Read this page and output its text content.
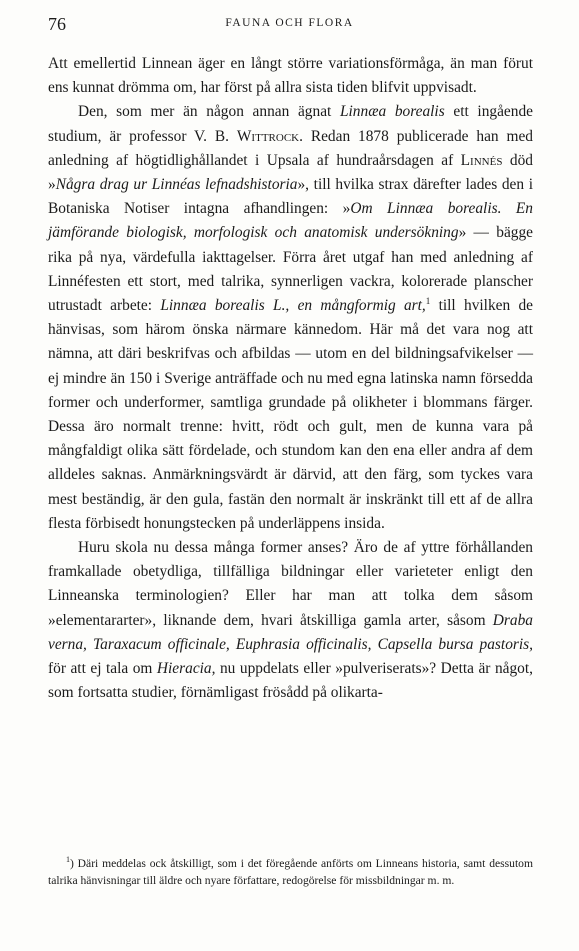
76	FAUNA OCH FLORA

Att emellertid Linnean äger en långt större variationsförmåga, än man förut ens kunnat drömma om, har först på allra sista tiden blifvit uppvisadt.

Den, som mer än någon annan ägnat Linnæa borealis ett ingående studium, är professor V. B. Wittrock. Redan 1878 publicerade han med anledning af högtidlighållandet i Upsala af hundraårsdagen af Linnés död »Några drag ur Linnéas lefnadshistoria», till hvilka strax därefter lades den i Botaniska Notiser intagna afhandlingen: »Om Linnæa borealis. En jämförande biologisk, morfologisk och anatomisk undersökning» — bägge rika på nya, värdefulla iakttagelser. Förra året utgaf han med anledning af Linnéfesten ett stort, med talrika, synnerligen vackra, kolorerade planscher utrustadt arbete: Linnæa borealis L., en mångformig art,$^1$ till hvilken de hänvisas, som härom önska närmare kännedom. Här må det vara nog att nämna, att däri beskrifvas och afbildas — utom en del bildningsafvikelser — ej mindre än 150 i Sverige anträffade och nu med egna latinska namn försedda former och underformer, samtliga grundade på olikheter i blommans färger. Dessa äro normalt trenne: hvitt, rödt och gult, men de kunna vara på mångfaldigt olika sätt fördelade, och stundom kan den ena eller andra af dem alldeles saknas. Anmärkningsvärdt är därvid, att den färg, som tyckes vara mest beständig, är den gula, fastän den normalt är inskränkt till ett af de allra flesta förbisedt honungstecken på underläppens insida.

Huru skola nu dessa många former anses? Äro de af yttre förhållanden framkallade obetydliga, tillfälliga bildningar eller varieteter enligt den Linneanska terminologien? Eller har man att tolka dem såsom »elementararter», liknande dem, hvari åtskilliga gamla arter, såsom Draba verna, Taraxacum officinale, Euphrasia officinalis, Capsella bursa pastoris, för att ej tala om Hieracia, nu uppdelats eller »pulveriserats»? Detta är något, som fortsatta studier, förnämligast frösådd på olikarta-

$^1$) Däri meddelas ock åtskilligt, som i det föregående anförts om Linneans historia, samt dessutom talrika hänvisningar till äldre och nyare författare, redogörelse för missbildningar m. m.
